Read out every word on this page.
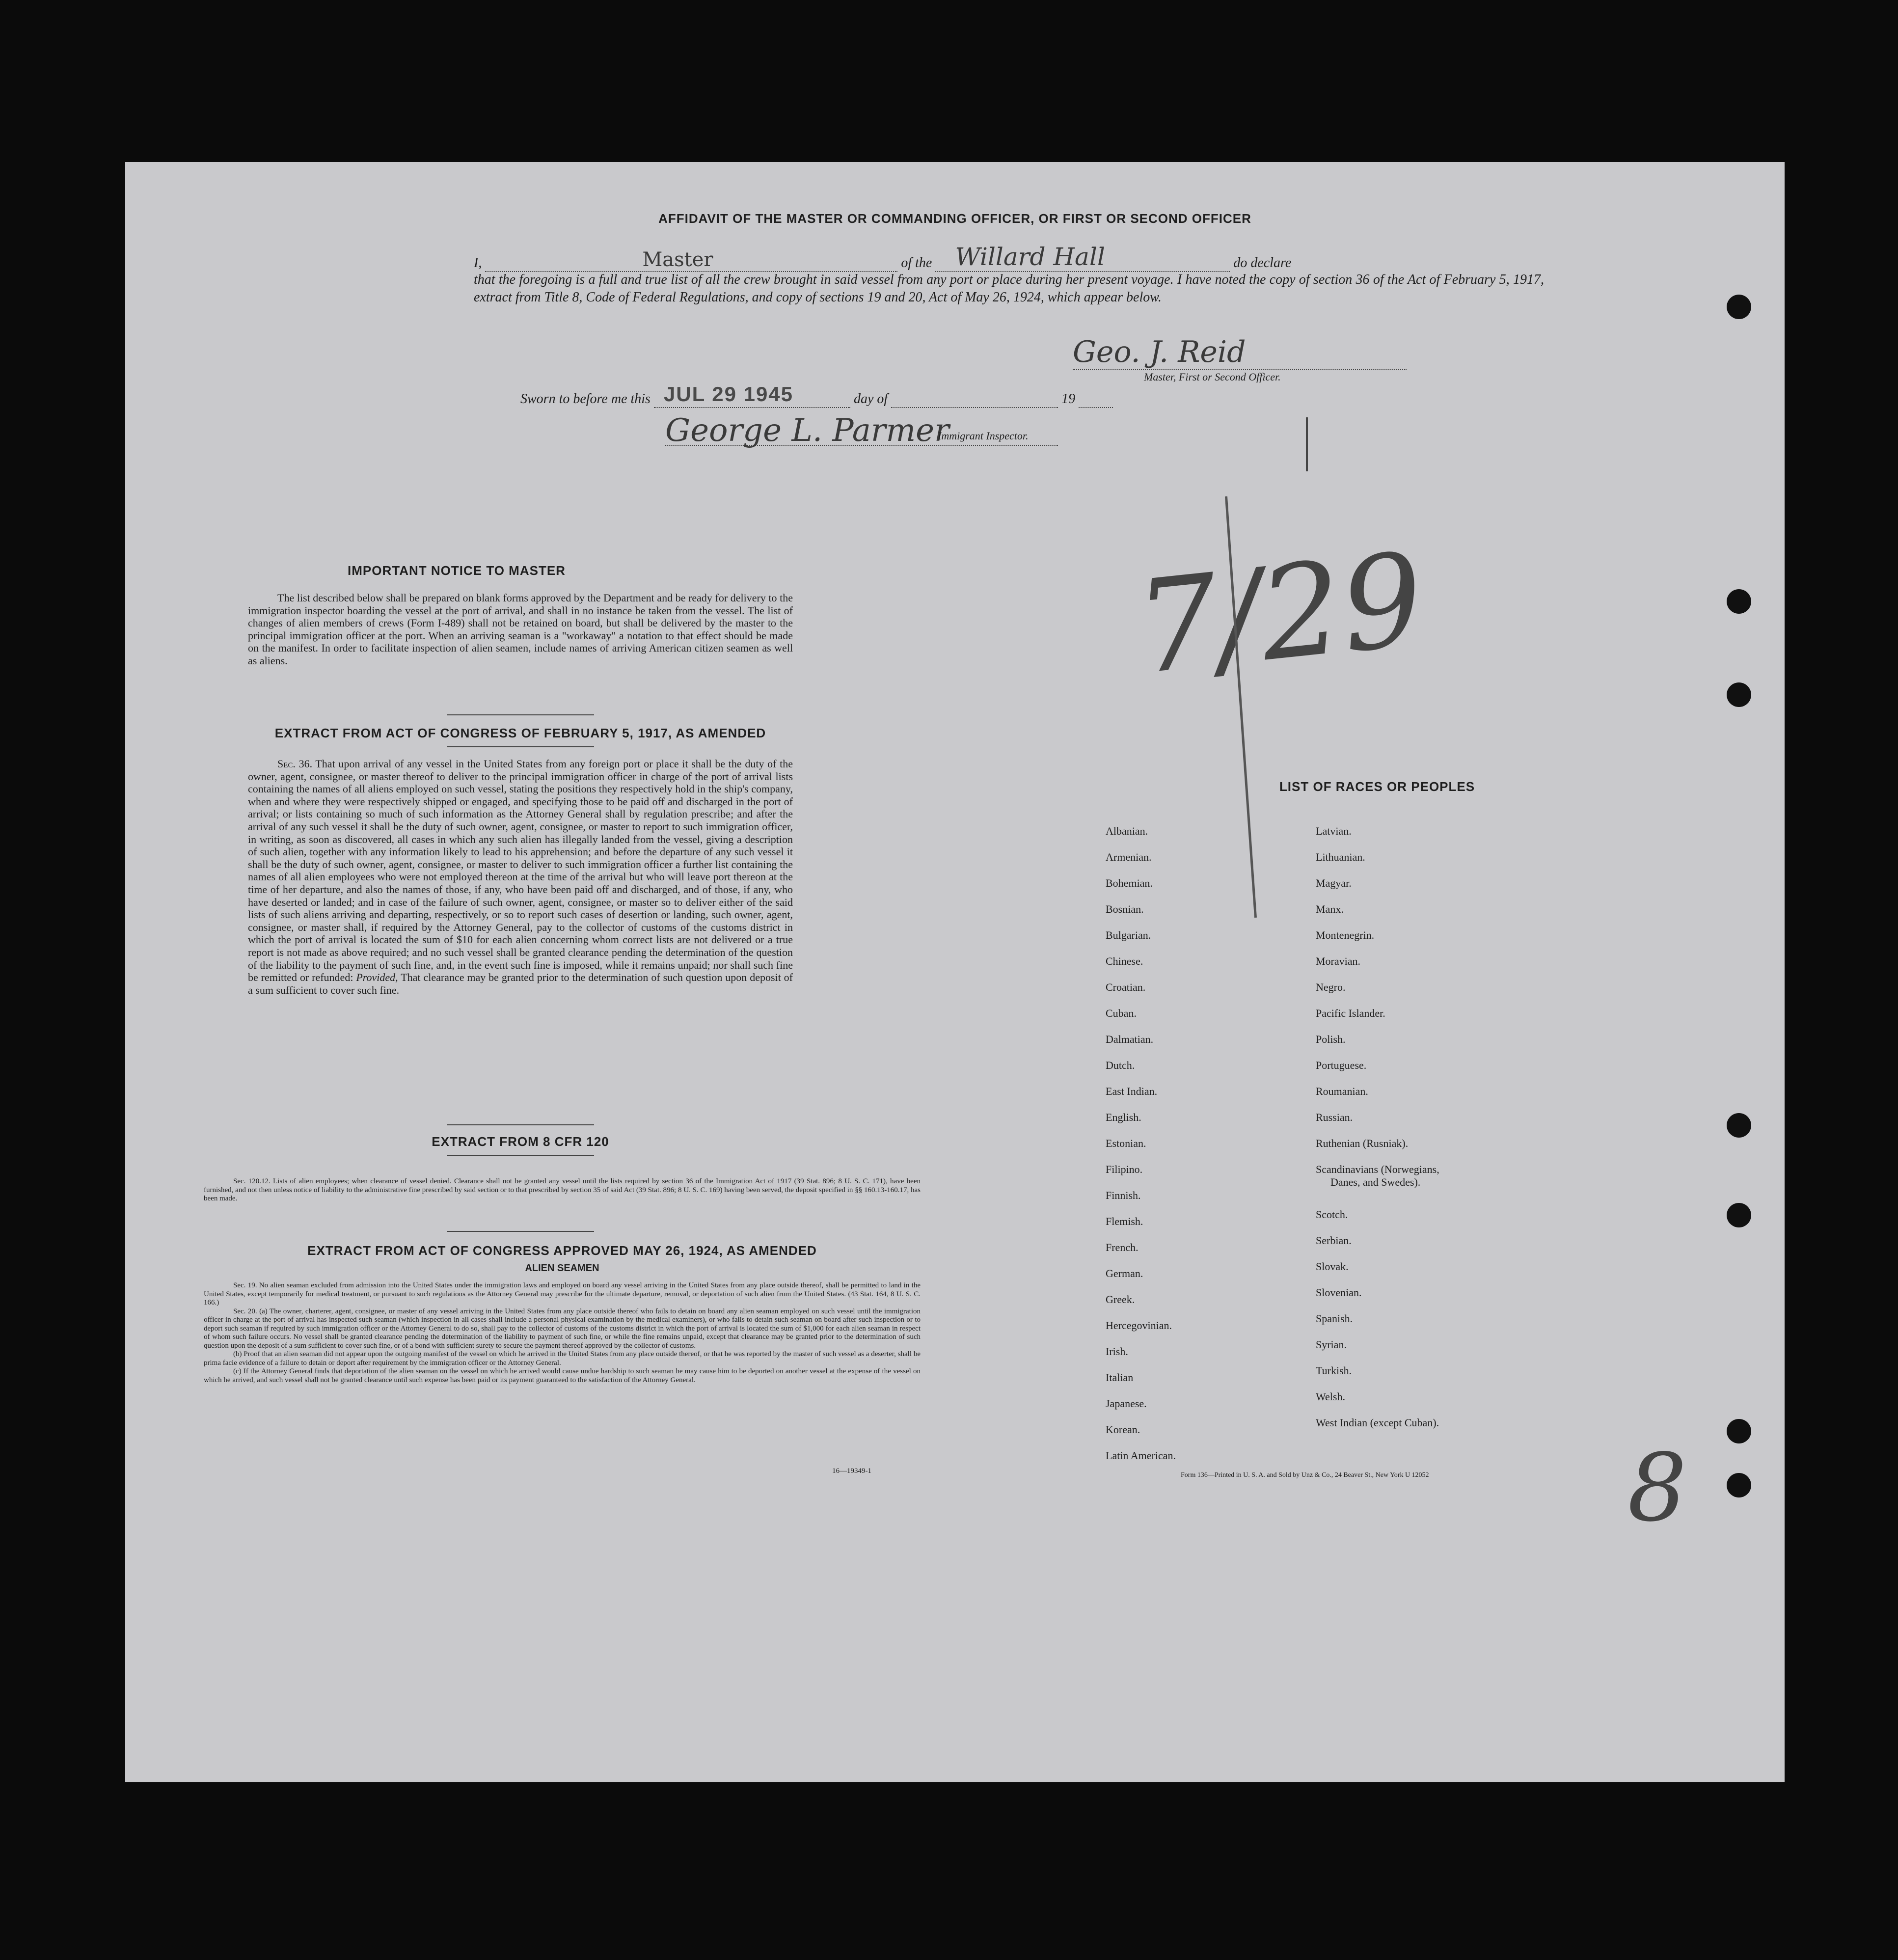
AFFIDAVIT OF THE MASTER OR COMMANDING OFFICER, OR FIRST OR SECOND OFFICER
I,	Master	of the Willard Hall	do declare
that the foregoing is a full and true list of all the crew brought in said vessel from any port or place during her present voyage. I have noted the copy of section 36 of the Act of February 5, 1917, extract from Title 8, Code of Federal Regulations, and copy of sections 19 and 20, Act of May 26, 1924, which appear below.
Geo. J. Reid
Master, First or Second Officer.
Sworn to before me this JUL 29 1945	day of	19
George L. Parmer
Immigrant Inspector.
IMPORTANT NOTICE TO MASTER
The list described below shall be prepared on blank forms approved by the Department and be ready for delivery to the immigration inspector boarding the vessel at the port of arrival, and shall in no instance be taken from the vessel. The list of changes of alien members of crews (Form I-489) shall not be retained on board, but shall be delivered by the master to the principal immigration officer at the port. When an arriving seaman is a "workaway" a notation to that effect should be made on the manifest. In order to facilitate inspection of alien seamen, include names of arriving American citizen seamen as well as aliens.
EXTRACT FROM ACT OF CONGRESS OF FEBRUARY 5, 1917, AS AMENDED
Sec. 36. That upon arrival of any vessel in the United States from any foreign port or place it shall be the duty of the owner, agent, consignee, or master thereof to deliver to the principal immigration officer in charge of the port of arrival lists containing the names of all aliens employed on such vessel, stating the positions they respectively hold in the ship's company, when and where they were respectively shipped or engaged, and specifying those to be paid off and discharged in the port of arrival; or lists containing so much of such information as the Attorney General shall by regulation prescribe; and after the arrival of any such vessel it shall be the duty of such owner, agent, consignee, or master to report to such immigration officer, in writing, as soon as discovered, all cases in which any such alien has illegally landed from the vessel, giving a description of such alien, together with any information likely to lead to his apprehension; and before the departure of any such vessel it shall be the duty of such owner, agent, consignee, or master to deliver to such immigration officer a further list containing the names of all alien employees who were not employed thereon at the time of the arrival but who will leave port thereon at the time of her departure, and also the names of those, if any, who have been paid off and discharged, and of those, if any, who have deserted or landed; and in case of the failure of such owner, agent, consignee, or master so to deliver either of the said lists of such aliens arriving and departing, respectively, or so to report such cases of desertion or landing, such owner, agent, consignee, or master shall, if required by the Attorney General, pay to the collector of customs of the customs district in which the port of arrival is located the sum of $10 for each alien concerning whom correct lists are not delivered or a true report is not made as above required; and no such vessel shall be granted clearance pending the determination of the question of the liability to the payment of such fine, and, in the event such fine is imposed, while it remains unpaid; nor shall such fine be remitted or refunded: Provided, That clearance may be granted prior to the determination of such question upon deposit of a sum sufficient to cover such fine.
EXTRACT FROM 8 CFR 120

Sec. 120.12. Lists of alien employees; when clearance of vessel denied. Clearance shall not be granted any vessel until the lists required by section 36 of the Immigration Act of 1917 (39 Stat. 896; 8 U. S. C. 171), have been furnished, and not then unless notice of liability to the administrative fine prescribed by said section or to that prescribed by section 35 of said Act (39 Stat. 896; 8 U. S. C. 169) having been served, the deposit specified in §§ 160.13-160.17, has been made.

EXTRACT FROM ACT OF CONGRESS APPROVED MAY 26, 1924, AS AMENDED
ALIEN SEAMEN

Sec. 19. No alien seaman excluded from admission into the United States under the immigration laws and employed on board any vessel arriving in the United States from any place outside thereof, shall be permitted to land in the United States, except temporarily for medical treatment, or pursuant to such regulations as the Attorney General may prescribe for the ultimate departure, removal, or deportation of such alien from the United States. (43 Stat. 164, 8 U. S. C. 166.)

Sec. 20. (a) The owner, charterer, agent, consignee, or master of any vessel arriving in the United States from any place outside thereof who fails to detain on board any alien seaman employed on such vessel until the immigration officer in charge at the port of arrival has inspected such seaman (which inspection in all cases shall include a personal physical examination by the medical examiners), or who fails to detain such seaman on board after such inspection or to deport such seaman if required by such immigration officer or the Attorney General to do so, shall pay to the collector of customs of the customs district in which the port of arrival is located the sum of $1,000 for each alien seaman in respect of whom such failure occurs. No vessel shall be granted clearance pending the determination of the liability to payment of such fine, or while the fine remains unpaid, except that clearance may be granted prior to the determination of such question upon the deposit of a sum sufficient to cover such fine, or of a bond with sufficient surety to secure the payment thereof approved by the collector of customs.

(b) Proof that an alien seaman did not appear upon the outgoing manifest of the vessel on which he arrived in the United States from any place outside thereof, or that he was reported by the master of such vessel as a deserter, shall be prima facie evidence of a failure to detain or deport after requirement by the immigration officer or the Attorney General.

(c) If the Attorney General finds that deportation of the alien seaman on the vessel on which he arrived would cause undue hardship to such seaman he may cause him to be deported on another vessel at the expense of the vessel on which he arrived, and such vessel shall not be granted clearance until such expense has been paid or its payment guaranteed to the satisfaction of the Attorney General.

16—19349-1
LIST OF RACES OR PEOPLES
Albanian.
Armenian.
Bohemian.
Bosnian.
Bulgarian.
Chinese.
Croatian.
Cuban.
Dalmatian.
Dutch.
East Indian.
English.
Estonian.
Filipino.
Finnish.
Flemish.
French.
German.
Greek.
Hercegovinian.
Irish.
Italian
Japanese.
Korean.
Latin American.
Latvian.
Lithuanian.
Magyar.
Manx.
Montenegrin.
Moravian.
Negro.
Pacific Islander.
Polish.
Portuguese.
Roumanian.
Russian.
Ruthenian (Rusniak).
Scandinavians (Norwegians,
Danes, and Swedes).
Scotch.
Serbian.
Slovak.
Slovenian.
Spanish.
Syrian.
Turkish.
Welsh.
West Indian (except Cuban).
Form 136—Printed in U. S. A. and Sold by Unz & Co., 24 Beaver St., New York U 12052
7/29
8
